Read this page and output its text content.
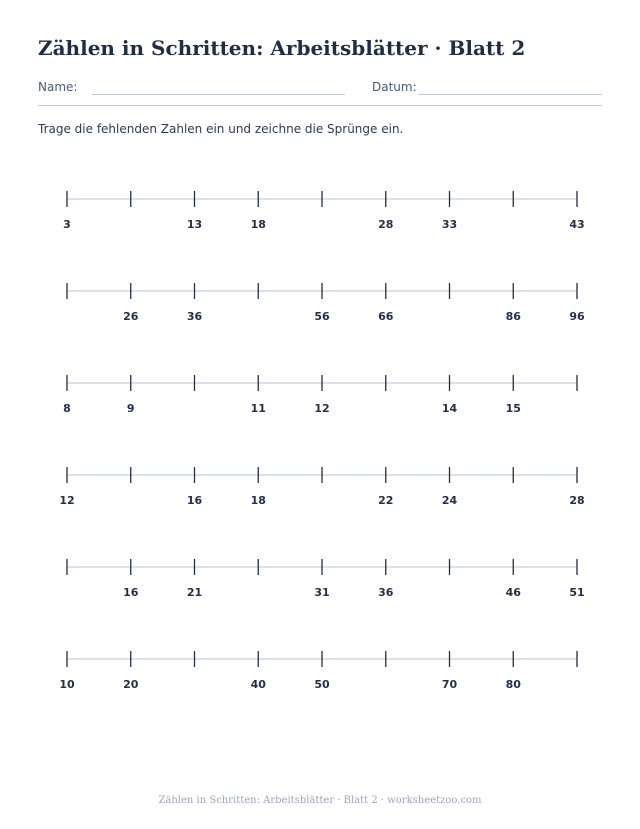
Zählen in Schritten: Arbeitsblätter · Blatt 2
Name:	Datum:
Trage die fehlenden Zahlen ein und zeichne die Sprünge ein.
3	13	18	28	33	43
26	36	56	66	86	96
8	9	11	12	14	15
12	16	18	22	24	28
16	21	31	36	46	51
10	20	40	50	70	80
Zählen in Schritten: Arbeitsblätter · Blatt 2 · worksheetzoo.com
